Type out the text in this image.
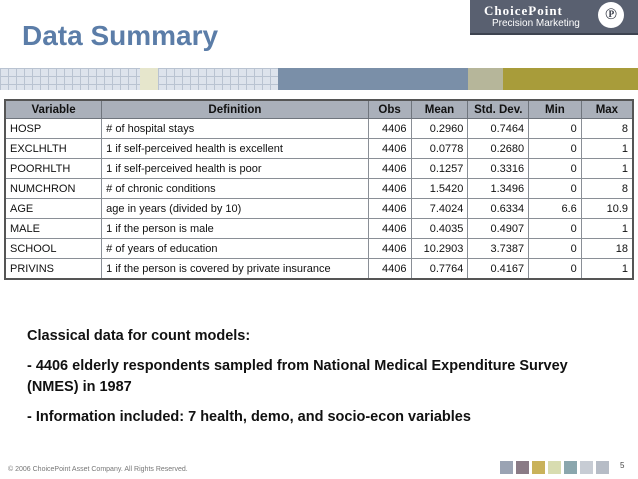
Data Summary
ChoicePoint
Precision Marketing
℗
Variable	Definition	Obs	Mean	Std. Dev.	Min	Max
HOSP	# of hospital stays	4406	0.2960	0.7464	0	8
EXCLHLTH	1 if self-perceived health is excellent	4406	0.0778	0.2680	0	1
POORHLTH	1 if self-perceived health is poor	4406	0.1257	0.3316	0	1
NUMCHRON	# of chronic conditions	4406	1.5420	1.3496	0	8
AGE	age in years (divided by 10)	4406	7.4024	0.6334	6.6	10.9
MALE	1 if the person is male	4406	0.4035	0.4907	0	1
SCHOOL	# of years of education	4406	10.2903	3.7387	0	18
PRIVINS	1 if the person is covered by private insurance	4406	0.7764	0.4167	0	1

Classical data for count models:

- 4406 elderly respondents sampled from National Medical Expenditure Survey (NMES) in 1987

- Information included: 7 health, demo, and socio-econ variables

© 2006 ChoicePoint Asset Company. All Rights Reserved.	5
